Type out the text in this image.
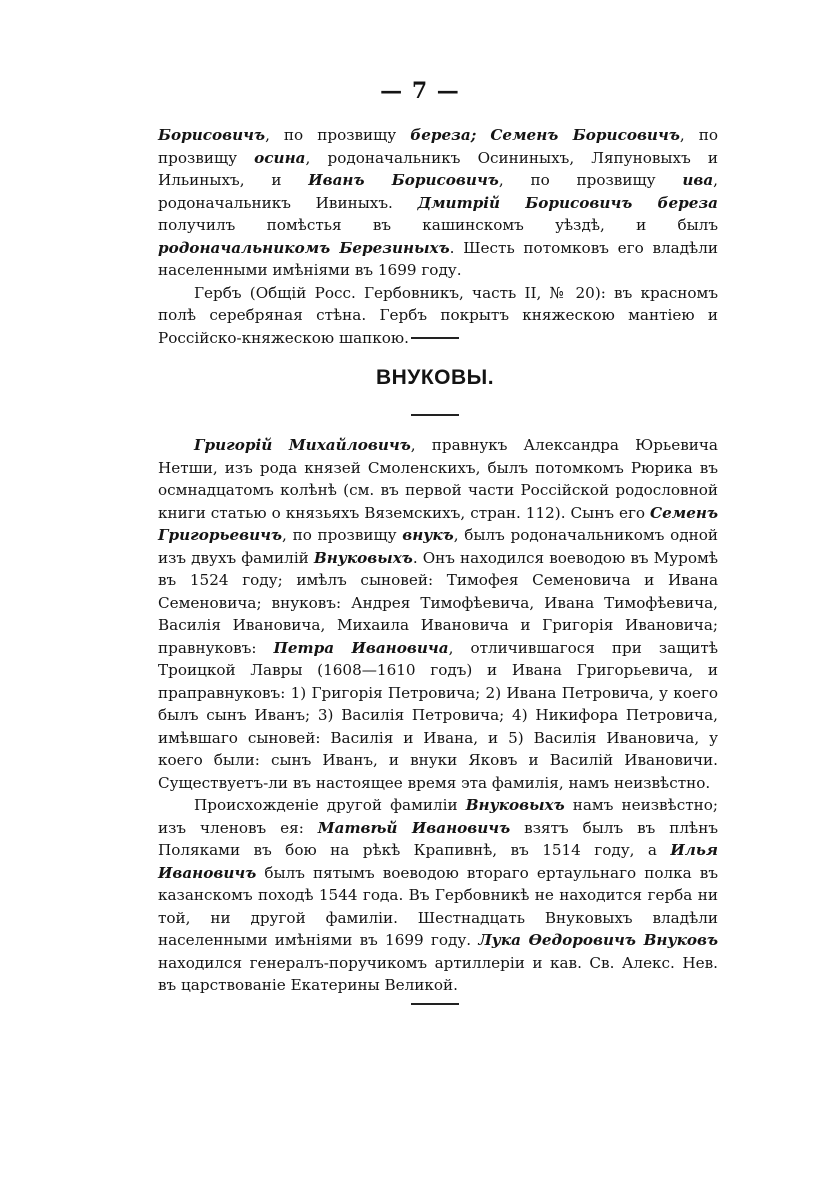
— 7 —

Борисовичъ, по прозвищу береза; Семенъ Борисовичъ, по прозвищу осина, родоначальникъ Осининыхъ, Ляпуновыхъ и Ильиныхъ, и Иванъ Борисовичъ, по прозвищу ива, родоначальникъ Ивиныхъ. Дмитрій Борисовичъ береза получилъ помѣстья въ кашинскомъ уѣздѣ, и былъ родоначальникомъ Березиныхъ. Шесть потомковъ его владѣли населенными имѣніями въ 1699 году.

Гербъ (Общій Росс. Гербовникъ, часть II, № 20): въ красномъ полѣ серебряная стѣна. Гербъ покрытъ княжескою мантіею и Россійско-княжескою шапкою.

ВНУКОВЫ.

Григорій Михайловичъ, правнукъ Александра Юрьевича Нетши, изъ рода князей Смоленскихъ, былъ потомкомъ Рюрика въ осмнадцатомъ колѣнѣ (см. въ первой части Россійской родословной книги статью о князьяхъ Вяземскихъ, стран. 112). Сынъ его Семенъ Григорьевичъ, по прозвищу внукъ, былъ родоначальникомъ одной изъ двухъ фамилій Внуковыхъ. Онъ находился воеводою въ Муромѣ въ 1524 году; имѣлъ сыновей: Тимофея Семеновича и Ивана Семеновича; внуковъ: Андрея Тимофѣевича, Ивана Тимофѣевича, Василія Ивановича, Михаила Ивановича и Григорія Ивановича; правнуковъ: Петра Ивановича, отличившагося при защитѣ Троицкой Лавры (1608—1610 годъ) и Ивана Григорьевича, и праправнуковъ: 1) Григорія Петровича; 2) Ивана Петровича, у коего былъ сынъ Иванъ; 3) Василія Петровича; 4) Никифора Петровича, имѣвшаго сыновей: Василія и Ивана, и 5) Василія Ивановича, у коего были: сынъ Иванъ, и внуки Яковъ и Василій Ивановичи. Существуетъ-ли въ настоящее время эта фамилія, намъ неизвѣстно.

Происхожденіе другой фамиліи Внуковыхъ намъ неизвѣстно; изъ членовъ ея: Матвѣй Ивановичъ взятъ былъ въ плѣнъ Поляками въ бою на рѣкѣ Крапивнѣ, въ 1514 году, а Илья Ивановичъ былъ пятымъ воеводою втораго ертаульнаго полка въ казанскомъ походѣ 1544 года. Въ Гербовникѣ не находится герба ни той, ни другой фамиліи. Шестнадцать Внуковыхъ владѣли населенными имѣніями въ 1699 году. Лука Ѳедоровичъ Внуковъ находился генералъ-поручикомъ артиллеріи и кав. Св. Алекс. Нев. въ царствованіе Екатерины Великой.
